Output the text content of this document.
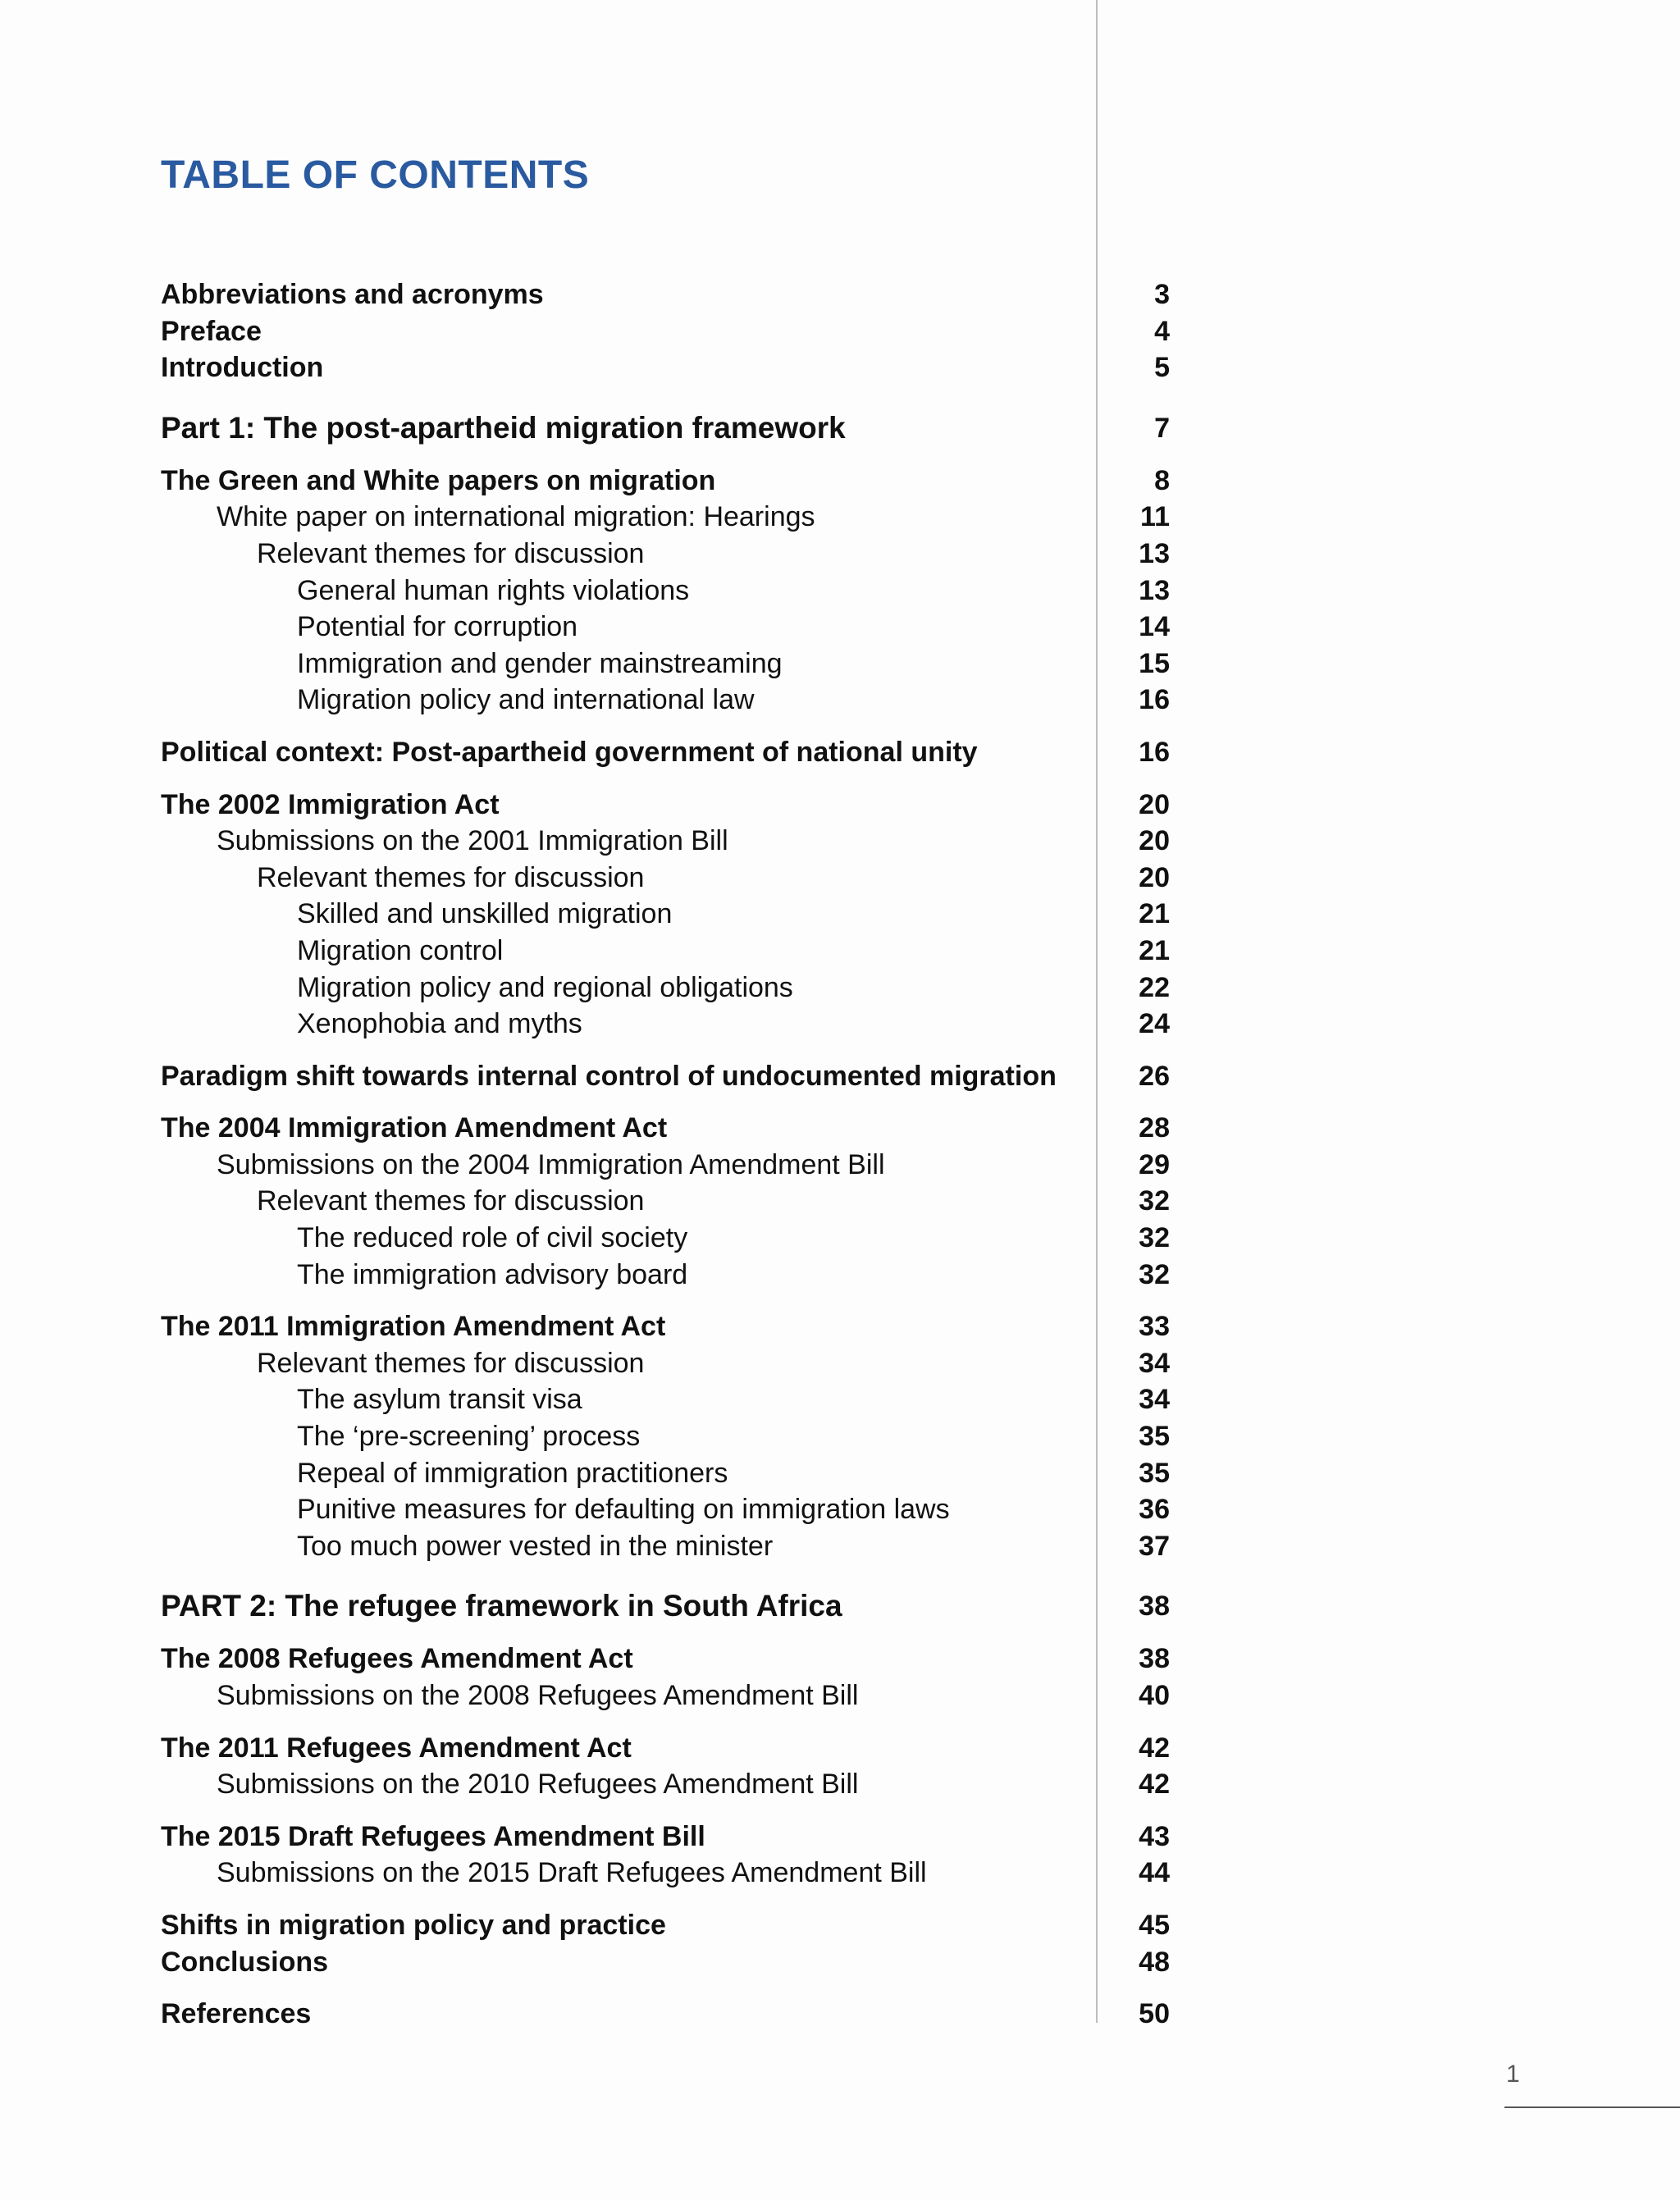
TABLE OF CONTENTS
Abbreviations and acronyms	3
Preface	4
Introduction	5
Part 1: The post-apartheid migration framework	7
The Green and White papers on migration	8
White paper on international migration: Hearings	11
Relevant themes for discussion	13
General human rights violations	13
Potential for corruption	14
Immigration and gender mainstreaming	15
Migration policy and international law	16
Political context: Post-apartheid government of national unity	16
The 2002 Immigration Act	20
Submissions on the 2001 Immigration Bill	20
Relevant themes for discussion	20
Skilled and unskilled migration	21
Migration control	21
Migration policy and regional obligations	22
Xenophobia and myths	24
Paradigm shift towards internal control of undocumented migration	26
The 2004 Immigration Amendment Act	28
Submissions on the 2004 Immigration Amendment Bill	29
Relevant themes for discussion	32
The reduced role of civil society	32
The immigration advisory board	32
The 2011 Immigration Amendment Act	33
Relevant themes for discussion	34
The asylum transit visa	34
The ‘pre-screening’ process	35
Repeal of immigration practitioners	35
Punitive measures for defaulting on immigration laws	36
Too much power vested in the minister	37
PART 2: The refugee framework in South Africa	38
The 2008 Refugees Amendment Act	38
Submissions on the 2008 Refugees Amendment Bill	40
The 2011 Refugees Amendment Act	42
Submissions on the 2010 Refugees Amendment Bill	42
The 2015 Draft Refugees Amendment Bill	43
Submissions on the 2015 Draft Refugees Amendment Bill	44
Shifts in migration policy and practice	45
Conclusions	48
References	50
1
